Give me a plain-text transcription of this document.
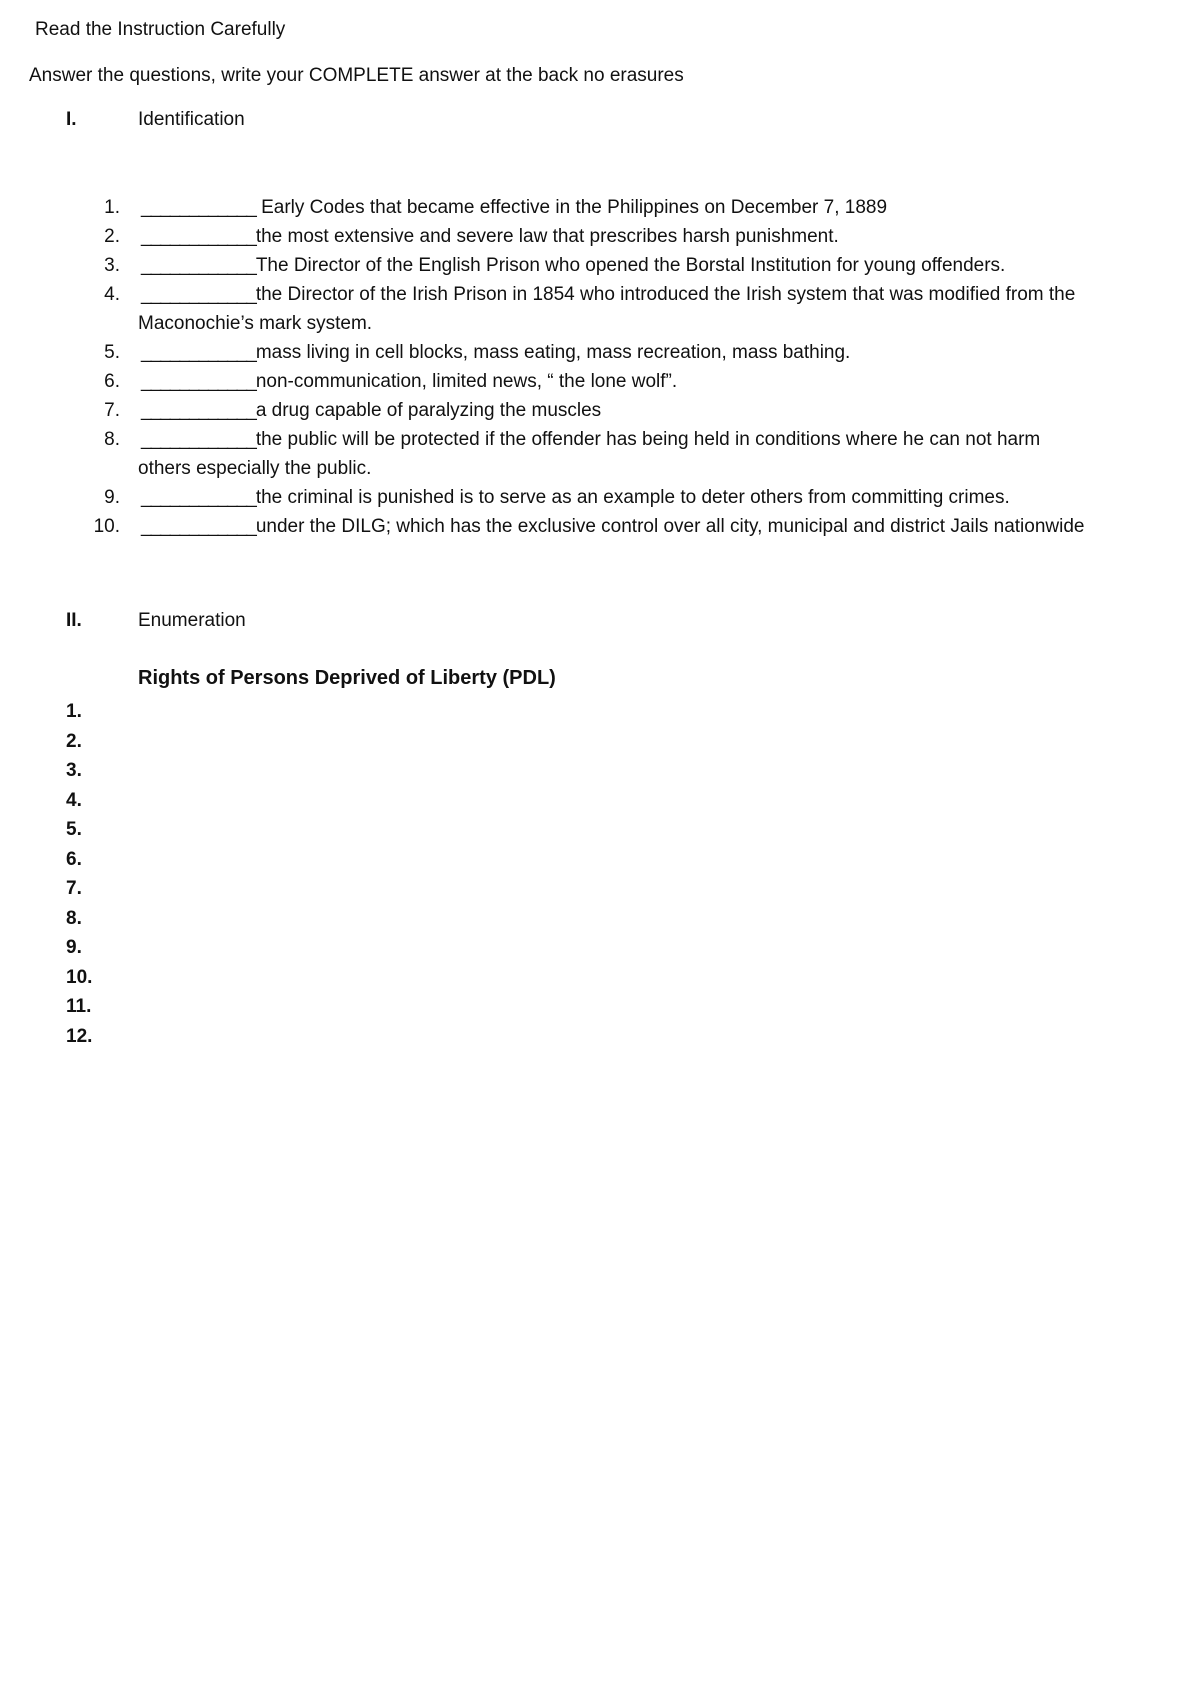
Read the Instruction Carefully
Answer the questions, write your COMPLETE answer at the back no erasures
I.	Identification
1. ____________ Early Codes that became effective in the Philippines on December 7, 1889
2. ____________the most extensive and severe law that prescribes harsh punishment.
3. ____________The Director of the English Prison who opened the Borstal Institution for young offenders.
4. ____________the Director of the Irish Prison in 1854 who introduced the Irish system that was modified from the
Maconochie’s mark system.
5. ____________mass living in cell blocks, mass eating, mass recreation, mass bathing.
6. ____________non-communication, limited news, “ the lone wolf”.
7. ____________a drug capable of paralyzing the muscles
8. ____________the public will be protected if the offender has being held in conditions where he can not harm
others especially the public.
9. ____________the criminal is punished is to serve as an example to deter others from committing crimes.
10. ____________under the DILG; which has the exclusive control over all city, municipal and district Jails nationwide
II.	Enumeration
Rights of Persons Deprived of Liberty (PDL)
1.
2.
3.
4.
5.
6.
7.
8.
9.
10.
11.
12.
